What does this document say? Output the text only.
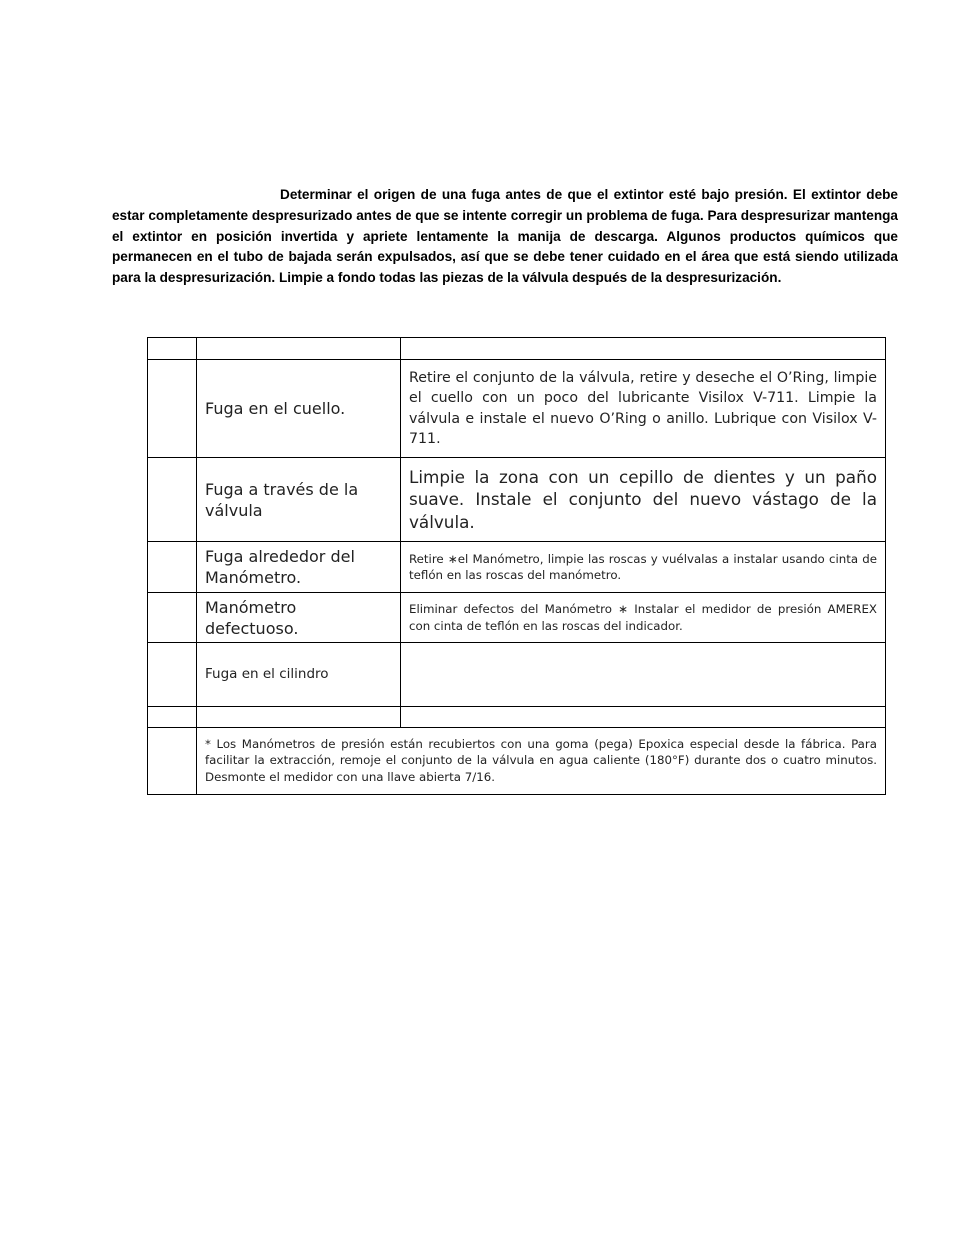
Determinar el origen de una fuga antes de que el extintor esté bajo presión. El extintor debe estar completamente despresurizado antes de que se intente corregir un problema de fuga. Para despresurizar mantenga el extintor en posición invertida y apriete lentamente la manija de descarga. Algunos productos químicos que permanecen en el tubo de bajada serán expulsados, así que se debe tener cuidado en el área que está siendo utilizada para la despresurización. Limpie a fondo todas las piezas de la válvula después de la despresurización.

	Fuga en el cuello.	Retire el conjunto de la válvula, retire y deseche el O’Ring, limpie el cuello con un poco del lubricante Visilox V-711. Limpie la válvula e instale el nuevo O’Ring o anillo. Lubrique con Visilox V-711.
	Fuga a través de la válvula	Limpie la zona con un cepillo de dientes y un paño suave. Instale el conjunto del nuevo vástago de la válvula.
	Fuga alrededor del Manómetro.	Retire ∗el Manómetro, limpie las roscas y vuélvalas a instalar usando cinta de teflón en las roscas del manómetro.
	Manómetro defectuoso.	Eliminar defectos del Manómetro ∗ Instalar el medidor de presión AMEREX con cinta de teflón en las roscas del indicador.
	Fuga en el cilindro	

	* Los Manómetros de presión están recubiertos con una goma (pega) Epoxica especial desde la fábrica. Para facilitar la extracción, remoje el conjunto de la válvula en agua caliente (180°F) durante dos o cuatro minutos. Desmonte el medidor con una llave abierta 7/16.	
